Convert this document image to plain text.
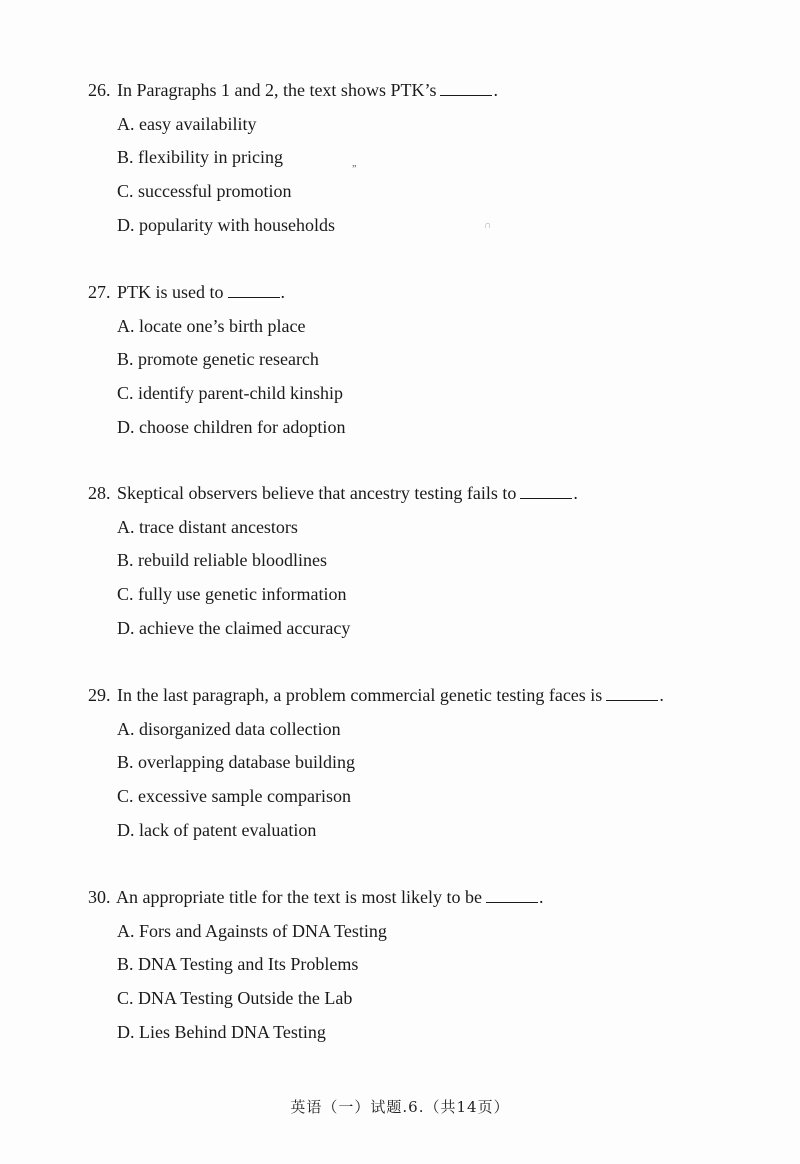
26. In Paragraphs 1 and 2, the text shows PTK’s	.
A. easy availability
B. flexibility in pricing
C. successful promotion
D. popularity with households
27. PTK is used to	.
A. locate one’s birth place
B. promote genetic research
C. identify parent-child kinship
D. choose children for adoption
28. Skeptical observers believe that ancestry testing fails to	.
A. trace distant ancestors
B. rebuild reliable bloodlines
C. fully use genetic information
D. achieve the claimed accuracy
29. In the last paragraph, a problem commercial genetic testing faces is	.
A. disorganized data collection
B. overlapping database building
C. excessive sample comparison
D. lack of patent evaluation
30. An appropriate title for the text is most likely to be	.
A. Fors and Againsts of DNA Testing
B. DNA Testing and Its Problems
C. DNA Testing Outside the Lab
D. Lies Behind DNA Testing
„
∩
英语（一）试题.6.（共14页）
